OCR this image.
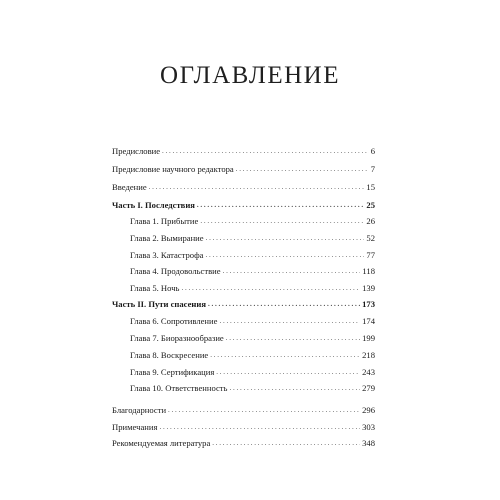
ОГЛАВЛЕНИЕ
Предисловие . . .	6
Предисловие научного редактора . . .	7
Введение . . .	15
Часть I. Последствия . . .	25
Глава 1. Прибытие . . .	26
Глава 2. Вымирание . . .	52
Глава 3. Катастрофа . . .	77
Глава 4. Продовольствие . . .	118
Глава 5. Ночь . . .	139
Часть II. Пути спасения . . .	173
Глава 6. Сопротивление . . .	174
Глава 7. Биоразнообразие . . .	199
Глава 8. Воскресение . . .	218
Глава 9. Сертификация . . .	243
Глава 10. Ответственность . . .	279
Благодарности . . .	296
Примечания . . .	303
Рекомендуемая литература . . .	348
